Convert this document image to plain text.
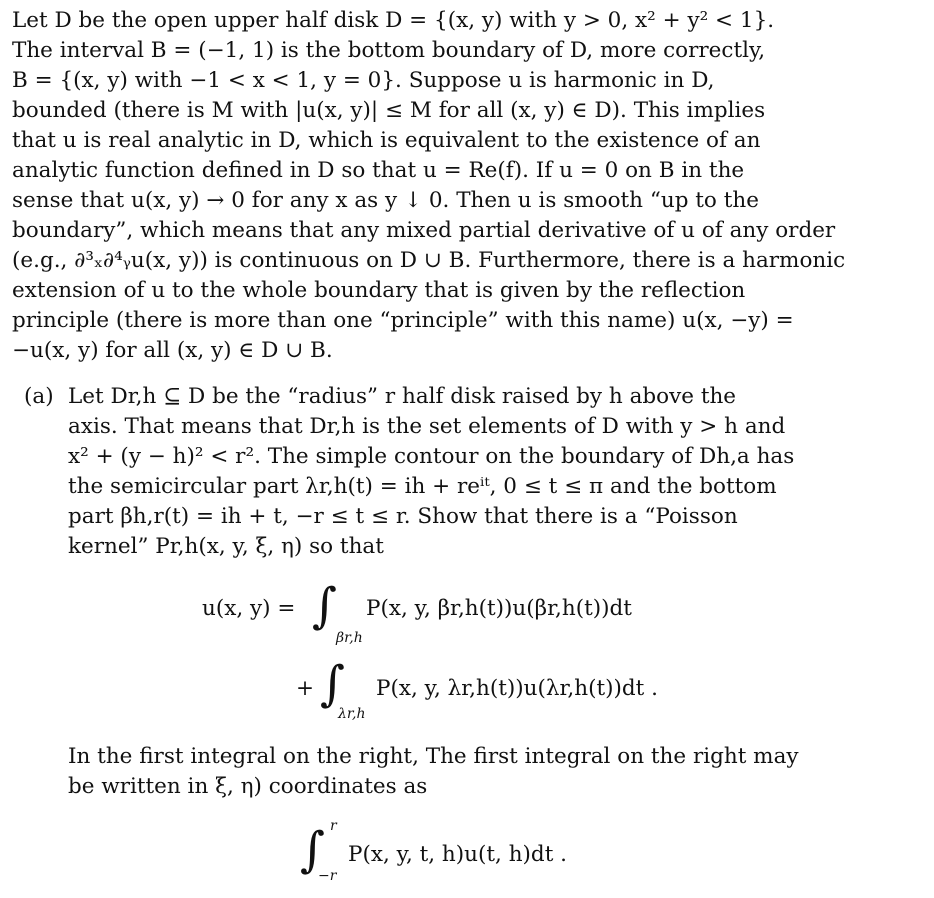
Let D be the open upper half disk D = {(x, y) with y > 0, x² + y² < 1}.
The interval B = (−1, 1) is the bottom boundary of D, more correctly,
B = {(x, y) with −1 < x < 1, y = 0}. Suppose u is harmonic in D,
bounded (there is M with |u(x, y)| ≤ M for all (x, y) ∈ D). This implies
that u is real analytic in D, which is equivalent to the existence of an
analytic function defined in D so that u = Re(f). If u = 0 on B in the
sense that u(x, y) → 0 for any x as y ↓ 0. Then u is smooth “up to the
boundary”, which means that any mixed partial derivative of u of any order
(e.g., ∂³ₓ∂⁴ᵧu(x, y)) is continuous on D ∪ B. Furthermore, there is a harmonic
extension of u to the whole boundary that is given by the reflection
principle (there is more than one “principle” with this name) u(x, −y) =
−u(x, y) for all (x, y) ∈ D ∪ B.
(a) Let Dr,h ⊆ D be the “radius” r half disk raised by h above the
axis. That means that Dr,h is the set elements of D with y > h and
x² + (y − h)² < r². The simple contour on the boundary of Dh,a has
the semicircular part λr,h(t) = ih + reⁱᵗ, 0 ≤ t ≤ π and the bottom
part βh,r(t) = ih + t, −r ≤ t ≤ r. Show that there is a “Poisson
kernel” Pr,h(x, y, ξ, η) so that
u(x, y) = ∫
βr,h
P(x, y, βr,h(t))u(βr,h(t))dt
+ ∫
λr,h
P(x, y, λr,h(t))u(λr,h(t))dt .
In the first integral on the right, The first integral on the right may
be written in ξ, η) coordinates as
r
∫
−r
P(x, y, t, h)u(t, h)dt .
